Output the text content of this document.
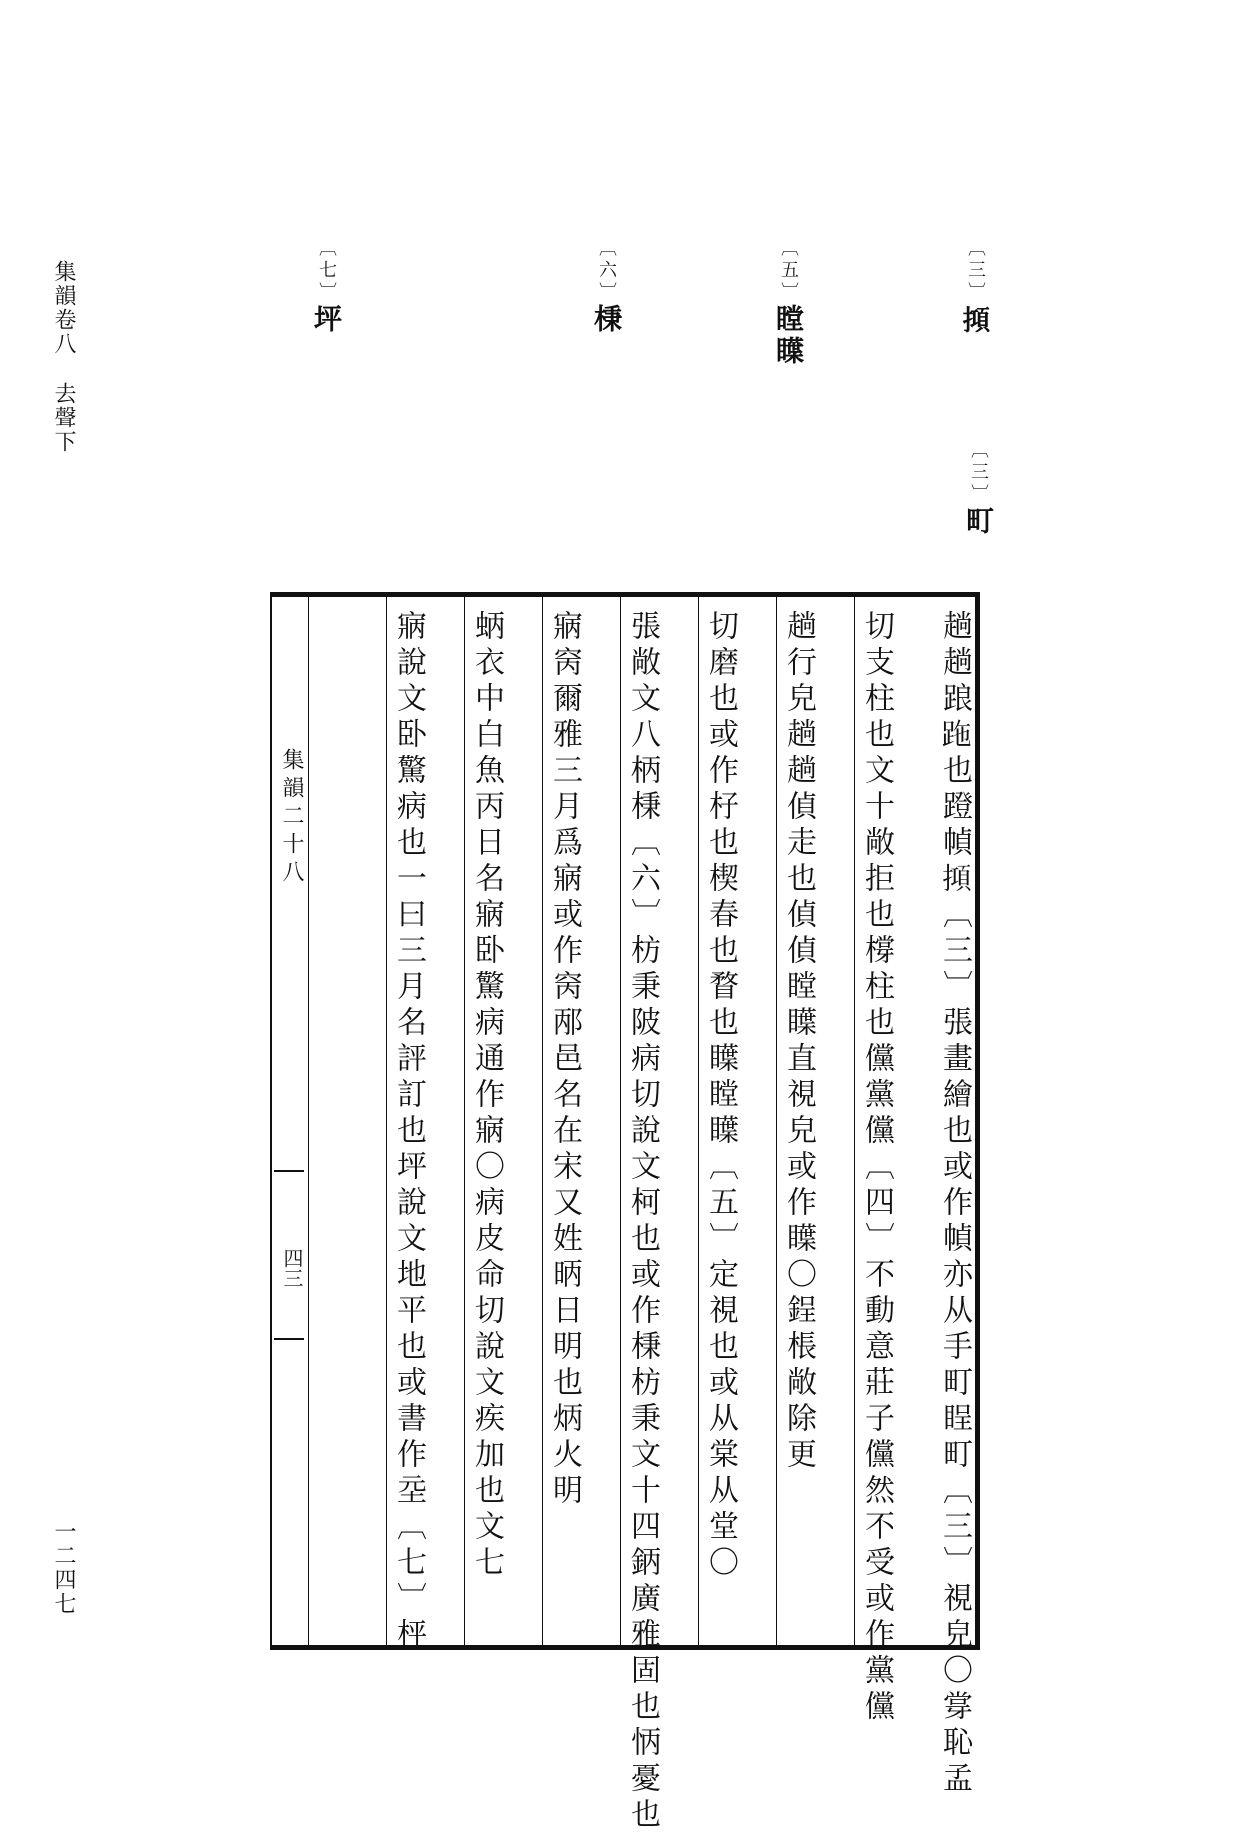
集韻卷八
去聲下
一二四七
〔三〕𢴦
〔三〕町
〔五〕瞠瞸
〔六〕棅
〔七〕坪
集韻二十八
四三	趟趟踉𧿶也蹬幀𢴦〔三〕張畫繪也或作幀亦从手町睈町〔三〕視皃〇牚恥孟
切支柱也文十敞拒也橕柱也儻黨儻〔四〕不動意莊子儻然不受或作黨儻
趟行皃趟趟偵走也偵偵瞠瞸直視皃或作瞸〇鋥棖敞除更
切磨也或作杍也楔春也瞀也瞸瞠瞸〔五〕定視也或从棠从堂〇
張敞文八柄棅〔六〕枋秉陂病切說文柯也或作棅枋秉文十四鈵廣雅固也怲憂也
寎窉爾雅三月爲寎或作窉邴邑名在宋又姓昞日明也炳火明
蛃衣中白魚丙日名寎卧驚病通作寎〇病皮命切說文疾加也文七
寎說文卧驚病也一曰三月名評訂也坪說文地平也或書作坖〔七〕枰
